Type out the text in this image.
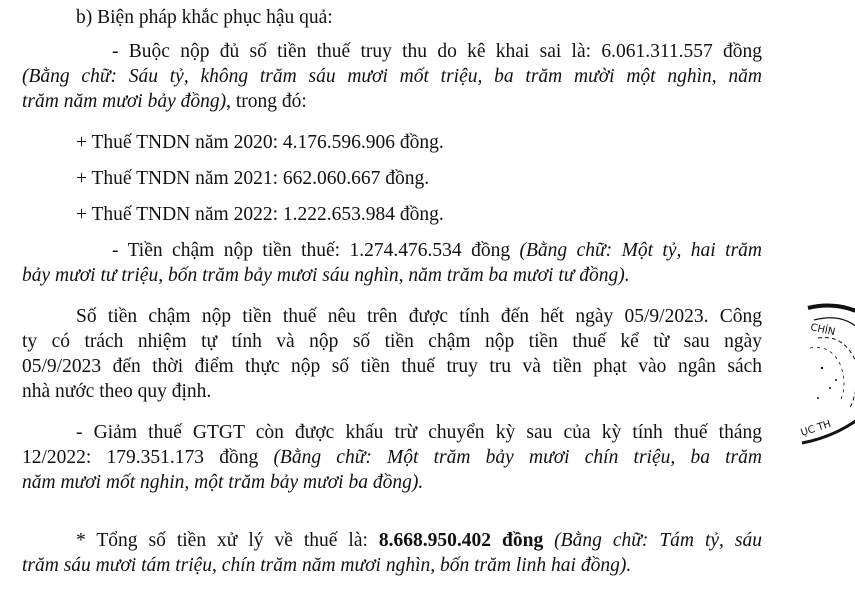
b) Biện pháp khắc phục hậu quả:
- Buộc nộp đủ số tiền thuế truy thu do kê khai sai là: 6.061.311.557 đồng
(Bằng chữ: Sáu tỷ, không trăm sáu mươi mốt triệu, ba trăm mười một nghìn, năm
trăm năm mươi bảy đồng), trong đó:
+ Thuế TNDN năm 2020: 4.176.596.906 đồng.
+ Thuế TNDN năm 2021: 662.060.667 đồng.
+ Thuế TNDN năm 2022: 1.222.653.984 đồng.
- Tiền chậm nộp tiền thuế: 1.274.476.534 đồng (Bằng chữ: Một tỷ, hai trăm
bảy mươi tư triệu, bốn trăm bảy mươi sáu nghìn, năm trăm ba mươi tư đồng).
Số tiền chậm nộp tiền thuế nêu trên được tính đến hết ngày 05/9/2023. Công
ty có trách nhiệm tự tính và nộp số tiền chậm nộp tiền thuế kể từ sau ngày
05/9/2023 đến thời điểm thực nộp số tiền thuế truy tru và tiền phạt vào ngân sách
nhà nước theo quy định.
- Giảm thuế GTGT còn được khấu trừ chuyển kỳ sau của kỳ tính thuế tháng
12/2022: 179.351.173 đồng (Bằng chữ: Một trăm bảy mươi chín triệu, ba trăm
năm mươi mốt nghin, một trăm bảy mươi ba đồng).
* Tổng số tiền xử lý về thuế là: 8.668.950.402 đồng (Bằng chữ: Tám tỷ, sáu
trăm sáu mươi tám triệu, chín trăm năm mươi nghìn, bốn trăm linh hai đồng).
CHÍN
ỤC TH
